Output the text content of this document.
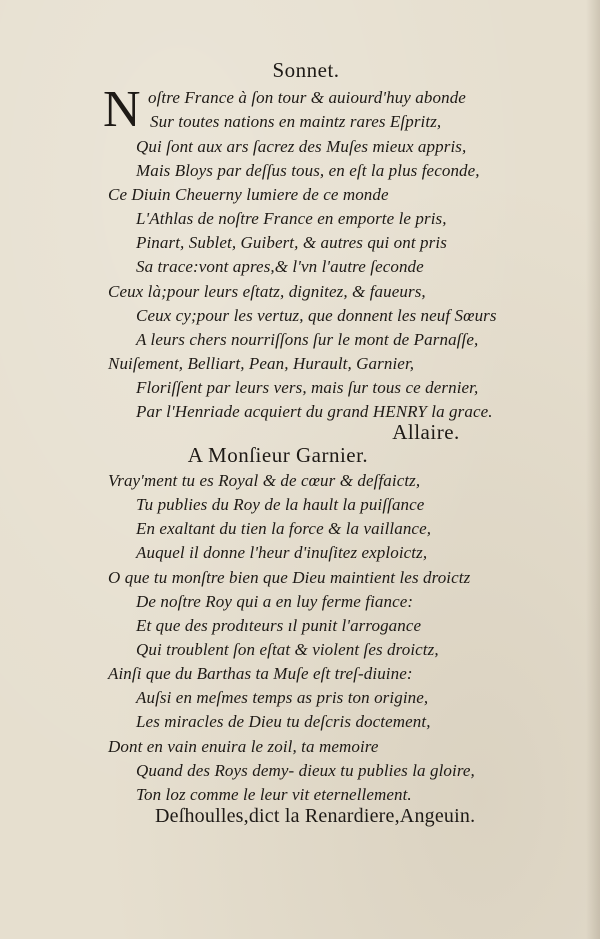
Sonnet.
N oſtre France à ſon tour & auiourd'huy abonde
Sur toutes nations en maintz rares Eſpritz,
Qui ſont aux ars ſacrez des Muſes mieux appris,
Mais Bloys par deſſus tous, en eſt la plus feconde,
Ce Diuin Cheuerny lumiere de ce monde
L'Athlas de noſtre France en emporte le pris,
Pinart, Sublet, Guibert, & autres qui ont pris
Sa trace:vont apres,& l'vn l'autre ſeconde
Ceux là;pour leurs eſtatz, dignitez, & faueurs,
Ceux cy;pour les vertuz, que donnent les neuf Sœurs
A leurs chers nourriſſons ſur le mont de Parnaſſe,
Nuiſement, Belliart, Pean, Hurault, Garnier,
Floriſſent par leurs vers, mais ſur tous ce dernier,
Par l'Henriade acquiert du grand HENRY la grace.
Allaire.
A Monſieur Garnier.
Vray'ment tu es Royal & de cœur & deſfaictz,
Tu publies du Roy de la hault la puiſſance
En exaltant du tien la force & la vaillance,
Auquel il donne l'heur d'inuſitez exploictz,
O que tu monſtre bien que Dieu maintient les droictz
De noſtre Roy qui a en luy ferme fiance:
Et que des prodıteurs ıl punit l'arrogance
Qui troublent ſon eſtat & violent ſes droictz,
Ainſi que du Barthas ta Muſe eſt treſ-diuine:
Auſsi en meſmes temps as pris ton origine,
Les miracles de Dieu tu deſcris doctement,
Dont en vain enuira le zoil, ta memoire
Quand des Roys demy- dieux tu publies la gloire,
Ton loz comme le leur vit eternellement.
Deſhoulles,dict la Renardiere,Angeuin.
